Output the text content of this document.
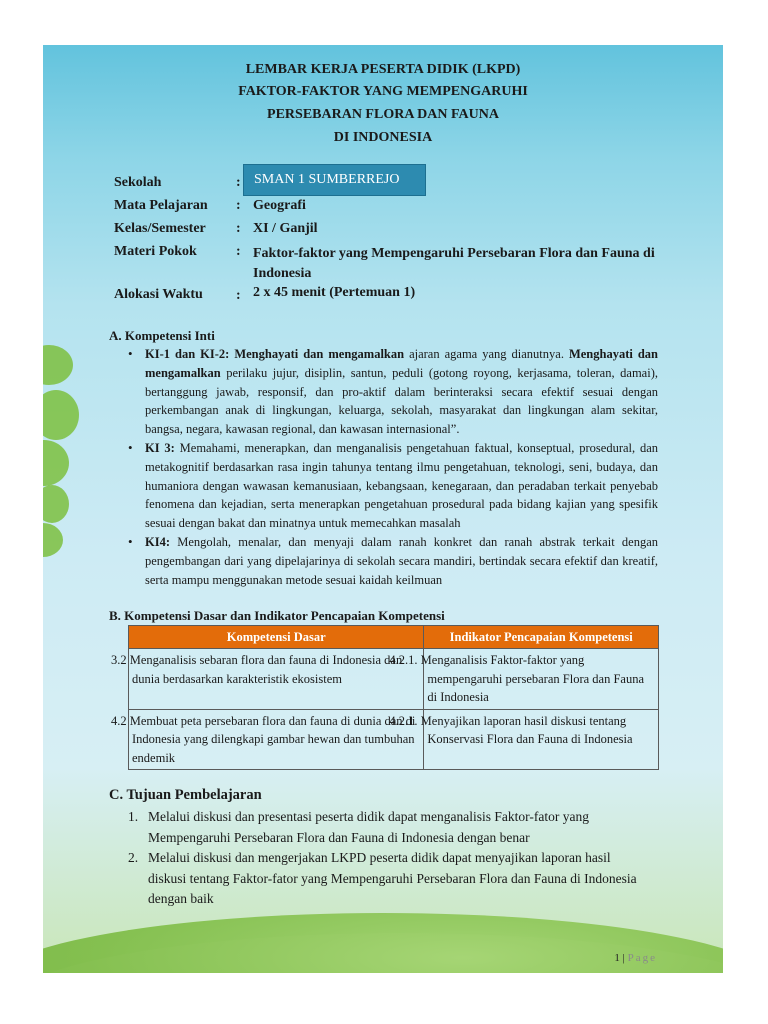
LEMBAR KERJA PESERTA DIDIK (LKPD)
FAKTOR-FAKTOR YANG MEMPENGARUHI
PERSEBARAN FLORA DAN FAUNA
DI INDONESIA
Sekolah	: SMAN 1 SUMBERREJO
Mata Pelajaran : Geografi
Kelas/Semester : XI / Ganjil
Materi Pokok	: Faktor-faktor yang Mempengaruhi Persebaran Flora dan Fauna di Indonesia
Alokasi Waktu : 2 x 45 menit (Pertemuan 1)
A. Kompetensi Inti
• KI-1 dan KI-2: Menghayati dan mengamalkan ajaran agama yang dianutnya. Menghayati dan mengamalkan perilaku jujur, disiplin, santun, peduli (gotong royong, kerjasama, toleran, damai), bertanggung jawab, responsif, dan pro-aktif dalam berinteraksi secara efektif sesuai dengan perkembangan anak di lingkungan, keluarga, sekolah, masyarakat dan lingkungan alam sekitar, bangsa, negara, kawasan regional, dan kawasan internasional”.
• KI 3: Memahami, menerapkan, dan menganalisis pengetahuan faktual, konseptual, prosedural, dan metakognitif berdasarkan rasa ingin tahunya tentang ilmu pengetahuan, teknologi, seni, budaya, dan humaniora dengan wawasan kemanusiaan, kebangsaan, kenegaraan, dan peradaban terkait penyebab fenomena dan kejadian, serta menerapkan pengetahuan prosedural pada bidang kajian yang spesifik sesuai dengan bakat dan minatnya untuk memecahkan masalah
• KI4: Mengolah, menalar, dan menyaji dalam ranah konkret dan ranah abstrak terkait dengan pengembangan dari yang dipelajarinya di sekolah secara mandiri, bertindak secara efektif dan kreatif, serta mampu menggunakan metode sesuai kaidah keilmuan
B. Kompetensi Dasar dan Indikator Pencapaian Kompetensi
Kompetensi Dasar	Indikator Pencapaian Kompetensi
3.2 Menganalisis sebaran flora dan fauna di Indonesia dan dunia berdasarkan karakteristik ekosistem	4.2.1. Menganalisis Faktor-faktor yang mempengaruhi persebaran Flora dan Fauna di Indonesia
4.2 Membuat peta persebaran flora dan fauna di dunia dan di Indonesia yang dilengkapi gambar hewan dan tumbuhan endemik	4.2.1. Menyajikan laporan hasil diskusi tentang Konservasi Flora dan Fauna di Indonesia
C. Tujuan Pembelajaran
1. Melalui diskusi dan presentasi peserta didik dapat menganalisis Faktor-fator yang Mempengaruhi Persebaran Flora dan Fauna di Indonesia dengan benar
2. Melalui diskusi dan mengerjakan LKPD peserta didik dapat menyajikan laporan hasil diskusi tentang Faktor-fator yang Mempengaruhi Persebaran Flora dan Fauna di Indonesia dengan baik
1 | Page
